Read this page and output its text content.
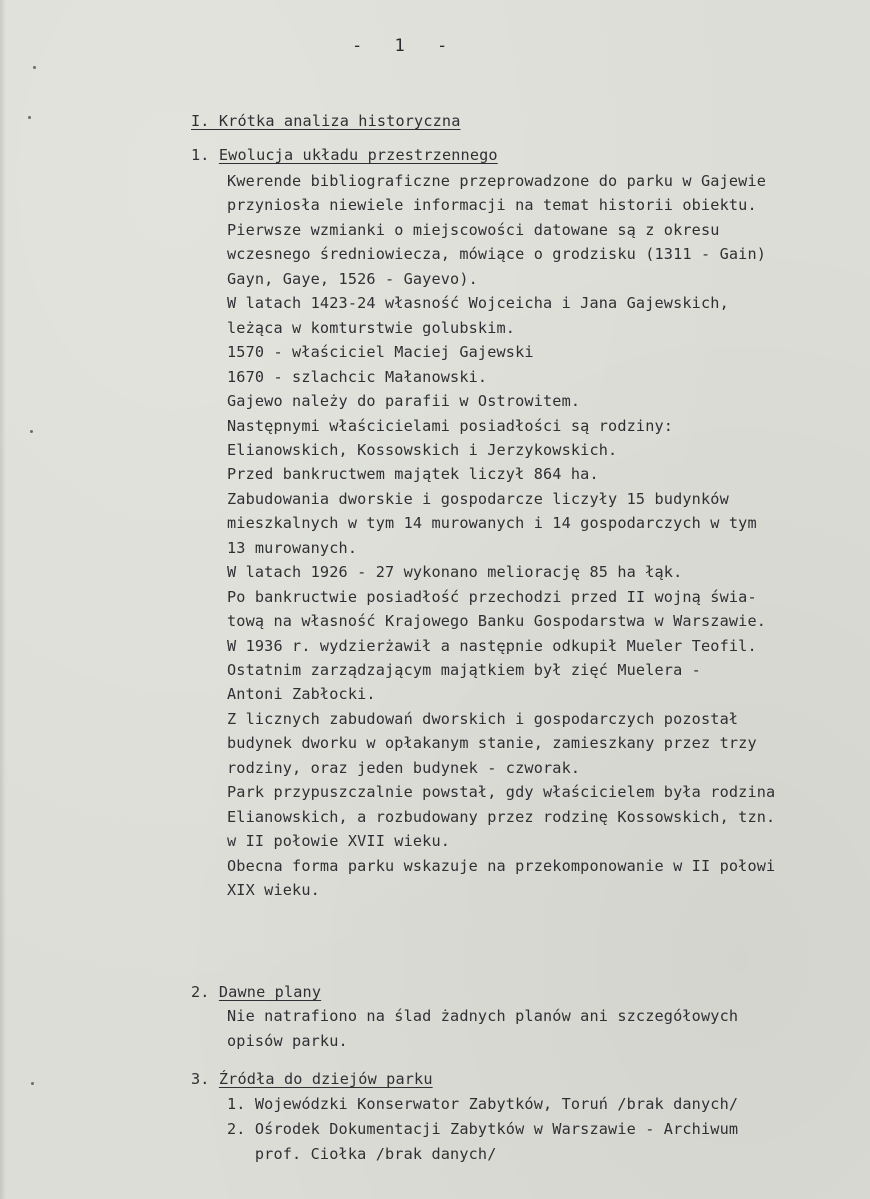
- 1 -
I. Krótka analiza historyczna
1. Ewolucja układu przestrzennego
Kwerende bibliograficzne przeprowadzone do parku w Gajewie
przyniosła niewiele informacji na temat historii obiektu.
Pierwsze wzmianki o miejscowości datowane są z okresu
wczesnego średniowiecza, mówiące o grodzisku (1311 - Gain)
Gayn, Gaye, 1526 - Gayevo).
W latach 1423-24 własność Wojceicha i Jana Gajewskich,
leżąca w komturstwie golubskim.
1570 - właściciel Maciej Gajewski
1670 - szlachcic Małanowski.
Gajewo należy do parafii w Ostrowitem.
Następnymi właścicielami posiadłości są rodziny:
Elianowskich, Kossowskich i Jerzykowskich.
Przed bankructwem majątek liczył 864 ha.
Zabudowania dworskie i gospodarcze liczyły 15 budynków
mieszkalnych w tym 14 murowanych i 14 gospodarczych w tym
13 murowanych.
W latach 1926 - 27 wykonano meliorację 85 ha łąk.
Po bankructwie posiadłość przechodzi przed II wojną świa-
tową na własność Krajowego Banku Gospodarstwa w Warszawie.
W 1936 r. wydzierżawił a następnie odkupił Mueler Teofil.
Ostatnim zarządzającym majątkiem był zięć Muelera -
Antoni Zabłocki.
Z licznych zabudowań dworskich i gospodarczych pozostał
budynek dworku w opłakanym stanie, zamieszkany przez trzy
rodziny, oraz jeden budynek - czworak.
Park przypuszczalnie powstał, gdy właścicielem była rodzina
Elianowskich, a rozbudowany przez rodzinę Kossowskich, tzn.
w II połowie XVII wieku.
Obecna forma parku wskazuje na przekomponowanie w II połowi
XIX wieku.
2. Dawne plany
Nie natrafiono na ślad żadnych planów ani szczegółowych
opisów parku.
3. Źródła do dziejów parku
1. Wojewódzki Konserwator Zabytków, Toruń /brak danych/
2. Ośrodek Dokumentacji Zabytków w Warszawie - Archiwum
prof. Ciołka /brak danych/
